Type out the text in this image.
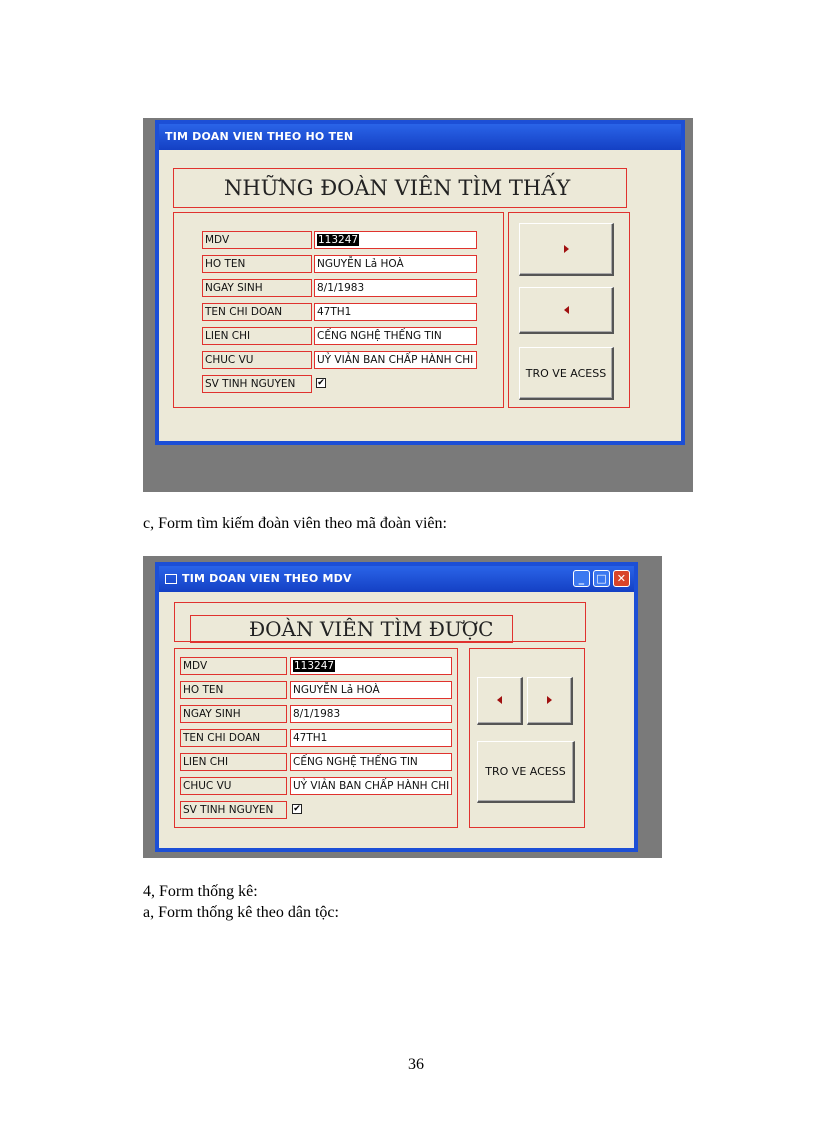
TIM DOAN VIEN THEO HO TEN
NHỮNG ĐOÀN VIÊN TÌM THẤY
MDV	113247
HO TEN	NGUYỄN Lả HOÀ
NGAY SINH	8/1/1983
TEN CHI DOAN	47TH1
LIEN CHI	CẾNG NGHỆ THẾNG TIN
CHUC VU	UỶ VIẢN BAN CHẤP HÀNH CHI
SV TINH NGUYEN	✔
TRO VE ACESS
c, Form tìm kiếm đoàn viên theo mã đoàn viên:
TIM DOAN VIEN THEO MDV	_	□ ✕
ĐOÀN VIÊN TÌM ĐƯỢC
MDV	113247
HO TEN	NGUYỄN Lả HOÀ
NGAY SINH	8/1/1983
TEN CHI DOAN	47TH1
LIEN CHI	CẾNG NGHỆ THẾNG TIN
CHUC VU	UỶ VIẢN BAN CHẤP HÀNH CHI
SV TINH NGUYEN	✔
TRO VE ACESS
4, Form thống kê:
a, Form thống kê theo dân tộc:
36
